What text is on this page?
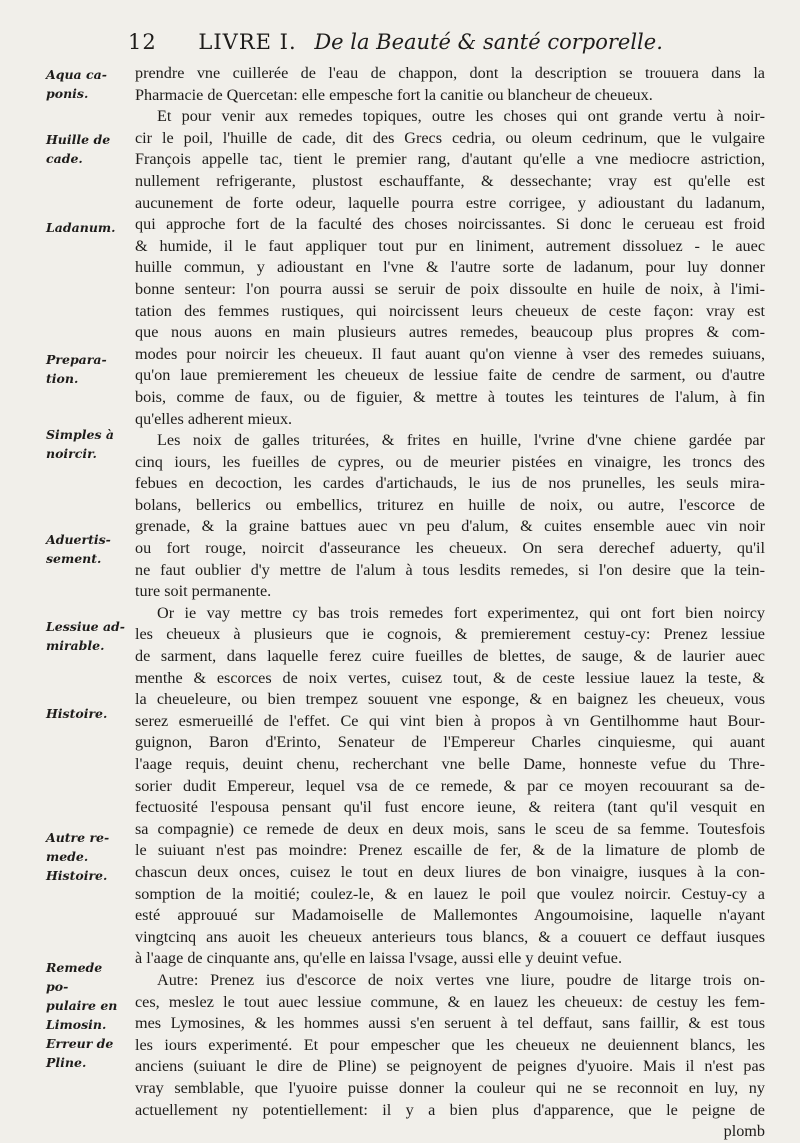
12 LIVRE I. De la Beauté & santé corporelle.
Aqua ca-
ponis.
Huille de
cade.
Ladanum.
Prepara-
tion.
Simples à
noircir.
Aduertis-
sement.
Lessiue ad-
mirable.
Histoire.
Autre re-
mede.
Histoire.
Remede po-
pulaire en
Limosin.
Erreur de
Pline.
prendre vne cuillerée de l'eau de chappon, dont la description se trouuera dans la
Pharmacie de Quercetan: elle empesche fort la canitie ou blancheur de cheueux.
Et pour venir aux remedes topiques, outre les choses qui ont grande vertu à noir-
cir le poil, l'huille de cade, dit des Grecs cedria, ou oleum cedrinum, que le vulgaire
François appelle tac, tient le premier rang, d'autant qu'elle a vne mediocre astriction,
nullement refrigerante, plustost eschauffante, & dessechante; vray est qu'elle est
aucunement de forte odeur, laquelle pourra estre corrigee, y adioustant du ladanum,
qui approche fort de la faculté des choses noircissantes. Si donc le cerueau est froid
& humide, il le faut appliquer tout pur en liniment, autrement dissoluez - le auec
huille commun, y adioustant en l'vne & l'autre sorte de ladanum, pour luy donner
bonne senteur: l'on pourra aussi se seruir de poix dissoulte en huile de noix, à l'imi-
tation des femmes rustiques, qui noircissent leurs cheueux de ceste façon: vray est
que nous auons en main plusieurs autres remedes, beaucoup plus propres & com-
modes pour noircir les cheueux. Il faut auant qu'on vienne à vser des remedes suiuans,
qu'on laue premierement les cheueux de lessiue faite de cendre de sarment, ou d'autre
bois, comme de faux, ou de figuier, & mettre à toutes les teintures de l'alum, à fin
qu'elles adherent mieux.
Les noix de galles triturées, & frites en huille, l'vrine d'vne chiene gardée par
cinq iours, les fueilles de cypres, ou de meurier pistées en vinaigre, les troncs des
febues en decoction, les cardes d'artichauds, le ius de nos prunelles, les seuls mira-
bolans, bellerics ou embellics, triturez en huille de noix, ou autre, l'escorce de
grenade, & la graine battues auec vn peu d'alum, & cuites ensemble auec vin noir
ou fort rouge, noircit d'asseurance les cheueux. On sera derechef aduerty, qu'il
ne faut oublier d'y mettre de l'alum à tous lesdits remedes, si l'on desire que la tein-
ture soit permanente.
Or ie vay mettre cy bas trois remedes fort experimentez, qui ont fort bien noircy
les cheueux à plusieurs que ie cognois, & premierement cestuy-cy: Prenez lessiue
de sarment, dans laquelle ferez cuire fueilles de blettes, de sauge, & de laurier auec
menthe & escorces de noix vertes, cuisez tout, & de ceste lessiue lauez la teste, &
la cheueleure, ou bien trempez souuent vne esponge, & en baignez les cheueux, vous
serez esmerueillé de l'effet. Ce qui vint bien à propos à vn Gentilhomme haut Bour-
guignon, Baron d'Erinto, Senateur de l'Empereur Charles cinquiesme, qui auant
l'aage requis, deuint chenu, recherchant vne belle Dame, honneste vefue du Thre-
sorier dudit Empereur, lequel vsa de ce remede, & par ce moyen recouurant sa de-
fectuosité l'espousa pensant qu'il fust encore ieune, & reitera (tant qu'il vesquit en
sa compagnie) ce remede de deux en deux mois, sans le sceu de sa femme. Toutesfois
le suiuant n'est pas moindre: Prenez escaille de fer, & de la limature de plomb de
chascun deux onces, cuisez le tout en deux liures de bon vinaigre, iusques à la con-
somption de la moitié; coulez-le, & en lauez le poil que voulez noircir. Cestuy-cy a
esté approuué sur Madamoiselle de Mallemontes Angoumoisine, laquelle n'ayant
vingtcinq ans auoit les cheueux anterieurs tous blancs, & a couuert ce deffaut iusques
à l'aage de cinquante ans, qu'elle en laissa l'vsage, aussi elle y deuint vefue.
Autre: Prenez ius d'escorce de noix vertes vne liure, poudre de litarge trois on-
ces, meslez le tout auec lessiue commune, & en lauez les cheueux: de cestuy les fem-
mes Lymosines, & les hommes aussi s'en seruent à tel deffaut, sans faillir, & est tous
les iours experimenté. Et pour empescher que les cheueux ne deuiennent blancs, les
anciens (suiuant le dire de Pline) se peignoyent de peignes d'yuoire. Mais il n'est pas
vray semblable, que l'yuoire puisse donner la couleur qui ne se reconnoit en luy, ny
actuellement ny potentiellement: il y a bien plus d'apparence, que le peigne de
plomb
